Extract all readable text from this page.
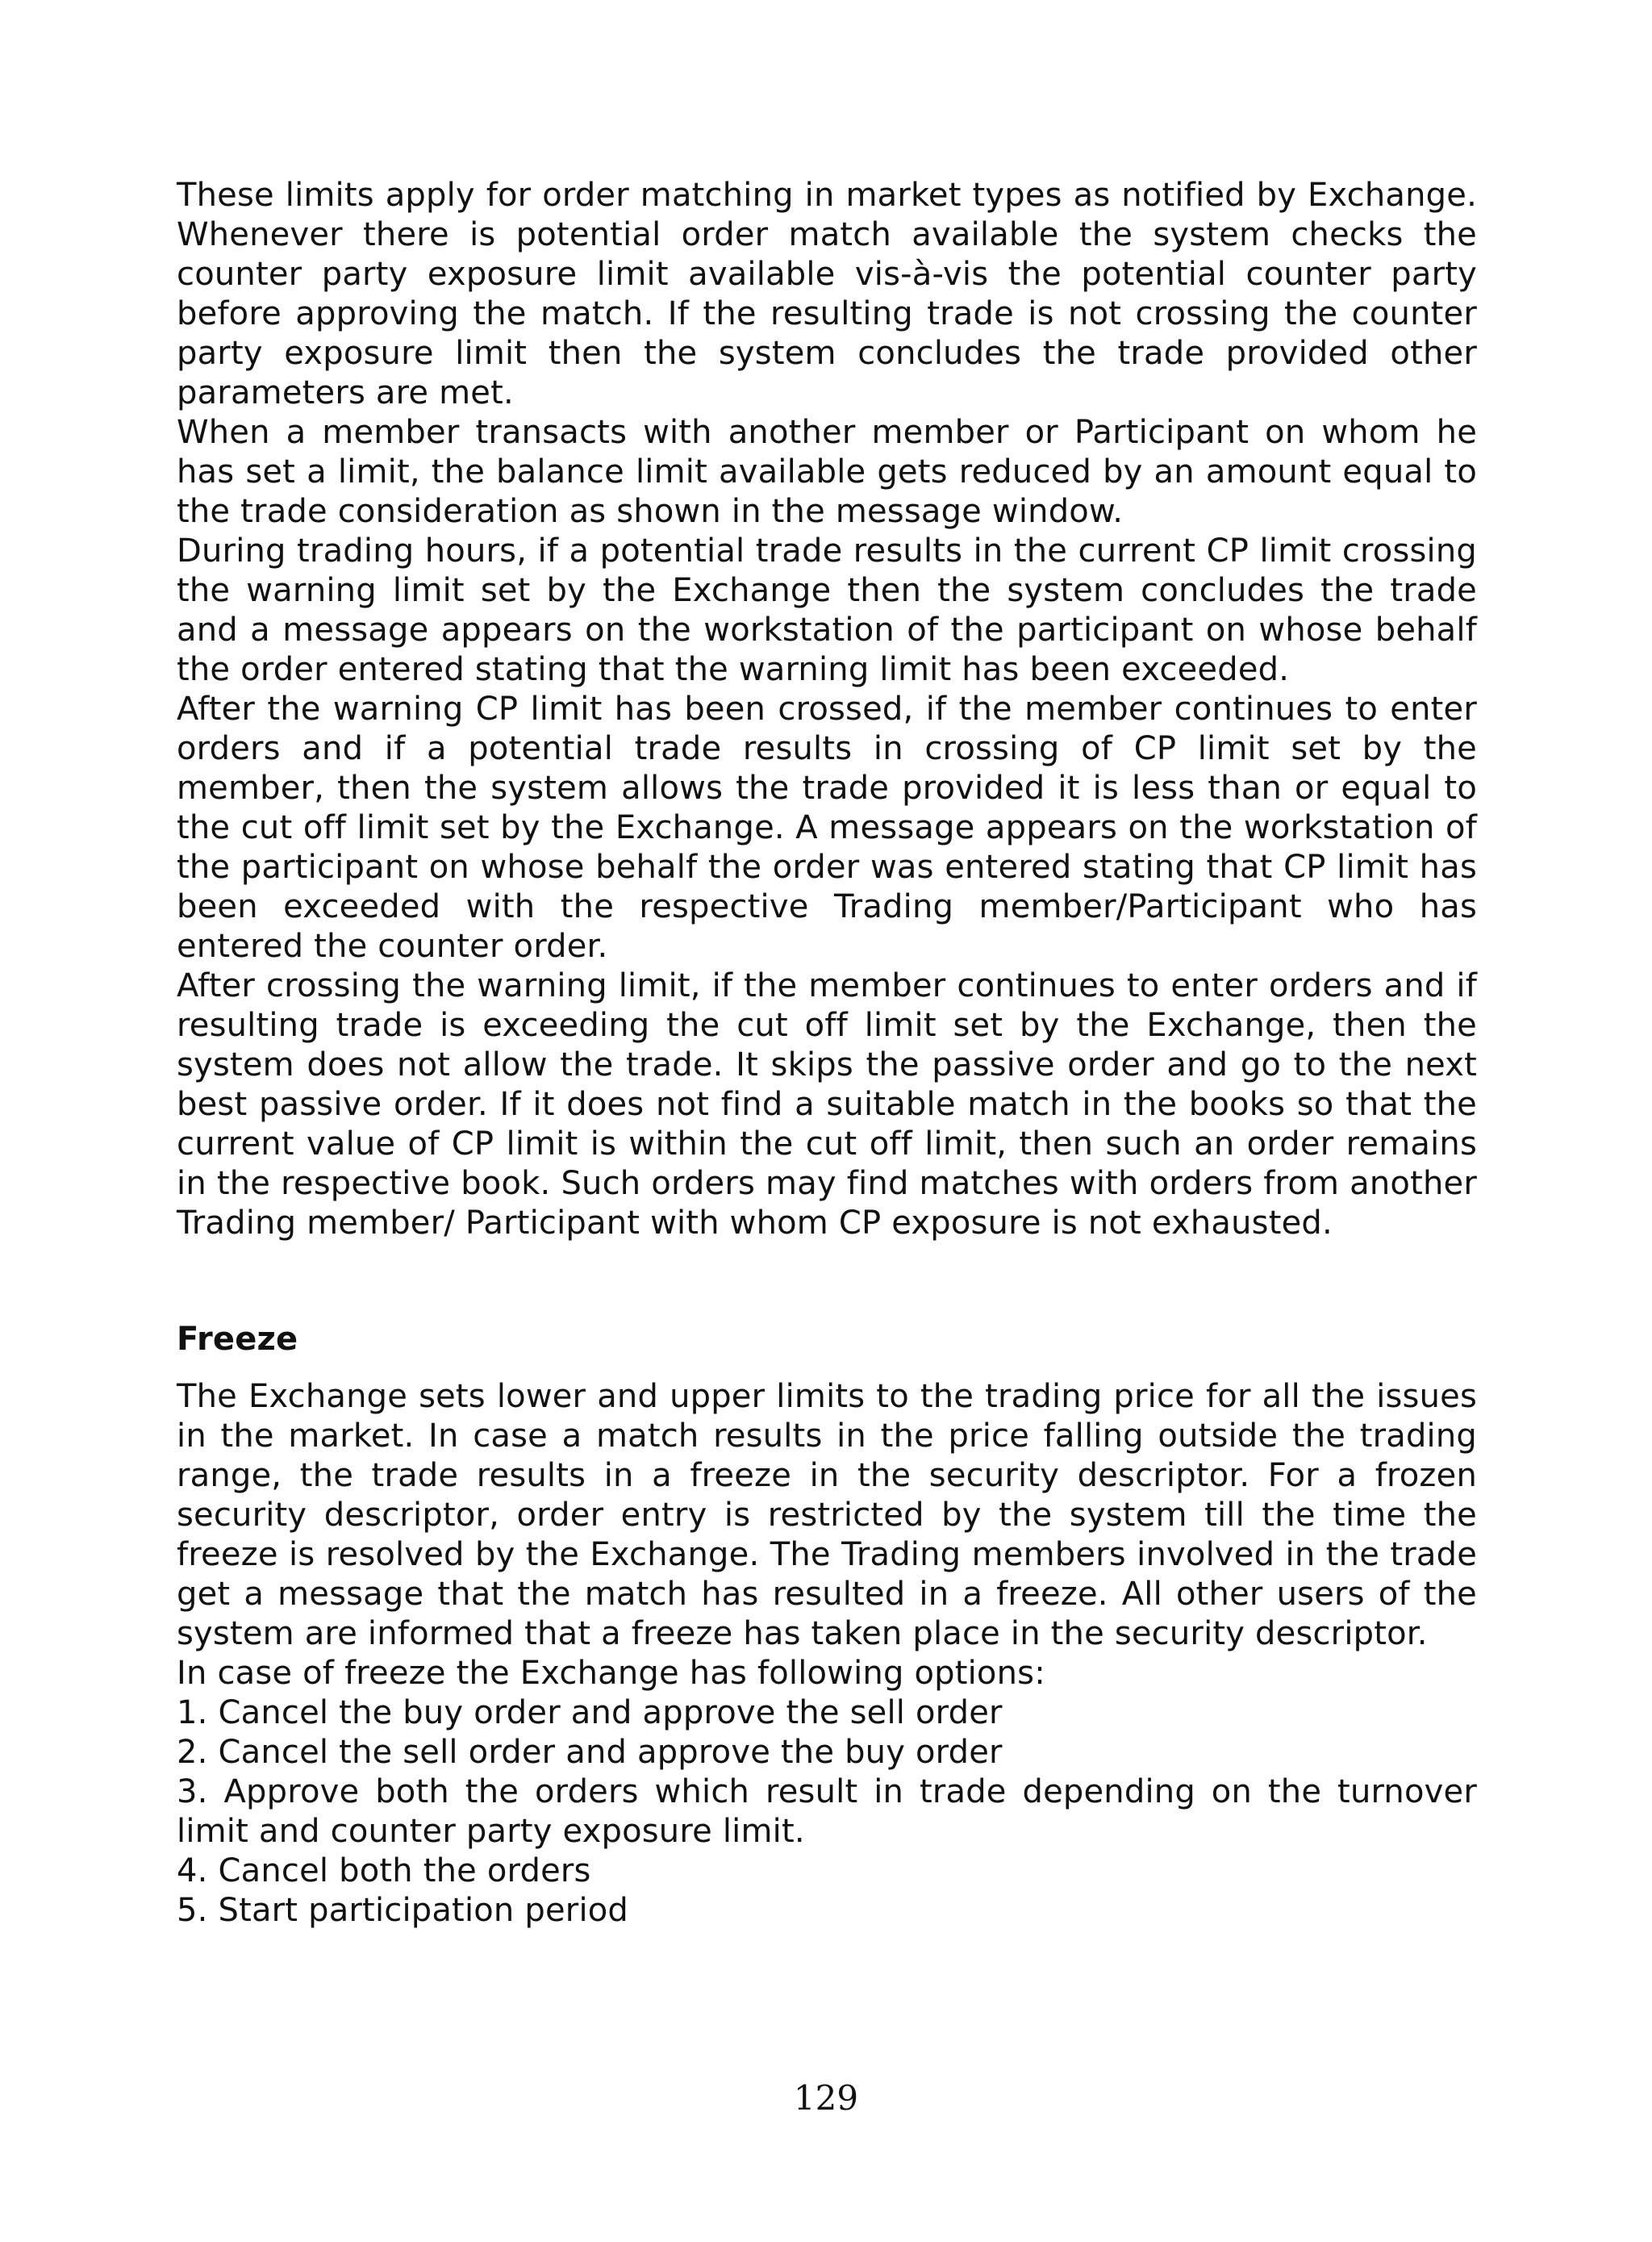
These limits apply for order matching in market types as notified by Exchange. Whenever there is potential order match available the system checks the counter party exposure limit available vis-à-vis the potential counter party before approving the match. If the resulting trade is not crossing the counter party exposure limit then the system concludes the trade provided other parameters are met.

When a member transacts with another member or Participant on whom he has set a limit, the balance limit available gets reduced by an amount equal to the trade consideration as shown in the message window.

During trading hours, if a potential trade results in the current CP limit crossing the warning limit set by the Exchange then the system concludes the trade and a message appears on the workstation of the participant on whose behalf the order entered stating that the warning limit has been exceeded.

After the warning CP limit has been crossed, if the member continues to enter orders and if a potential trade results in crossing of CP limit set by the member, then the system allows the trade provided it is less than or equal to the cut off limit set by the Exchange. A message appears on the workstation of the participant on whose behalf the order was entered stating that CP limit has been exceeded with the respective Trading member/Participant who has entered the counter order.

After crossing the warning limit, if the member continues to enter orders and if resulting trade is exceeding the cut off limit set by the Exchange, then the system does not allow the trade. It skips the passive order and go to the next best passive order. If it does not find a suitable match in the books so that the current value of CP limit is within the cut off limit, then such an order remains in the respective book. Such orders may find matches with orders from another Trading member/ Participant with whom CP exposure is not exhausted.

Freeze

The Exchange sets lower and upper limits to the trading price for all the issues in the market. In case a match results in the price falling outside the trading range, the trade results in a freeze in the security descriptor. For a frozen security descriptor, order entry is restricted by the system till the time the freeze is resolved by the Exchange. The Trading members involved in the trade get a message that the match has resulted in a freeze. All other users of the system are informed that a freeze has taken place in the security descriptor.

In case of freeze the Exchange has following options:

1. Cancel the buy order and approve the sell order
2. Cancel the sell order and approve the buy order
3. Approve both the orders which result in trade depending on the turnover limit and counter party exposure limit.
4. Cancel both the orders
5. Start participation period
129
